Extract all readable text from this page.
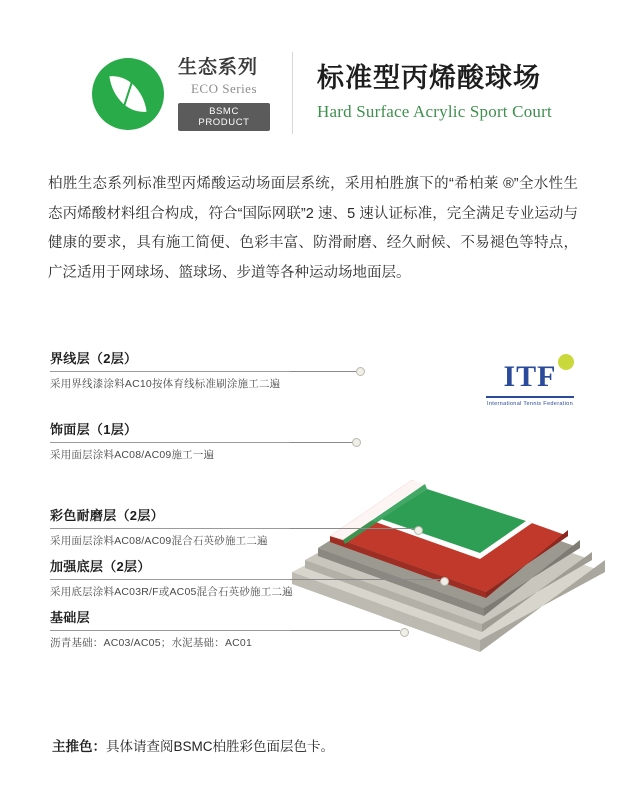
生态系列
ECO Series
BSMC PRODUCT
标准型丙烯酸球场
Hard Surface Acrylic Sport Court
柏胜生态系列标准型丙烯酸运动场面层系统，采用柏胜旗下的“希柏莱 ®”全水性生态丙烯酸材料组合构成，符合“国际网联”2 速、5 速认证标准，完全满足专业运动与健康的要求，具有施工简便、色彩丰富、防滑耐磨、经久耐候、不易褪色等特点，广泛适用于网球场、篮球场、步道等各种运动场地面层。
ITF
International Tennis Federation
界线层（2层）
采用界线漆涂料AC10按体育线标准刷涂施工二遍
饰面层（1层）
采用面层涂料AC08/AC09施工一遍
彩色耐磨层（2层）
采用面层涂料AC08/AC09混合石英砂施工二遍
加强底层（2层）
采用底层涂料AC03R/F或AC05混合石英砂施工二遍
基础层
沥青基础：AC03/AC05；水泥基础：AC01
主推色：具体请查阅BSMC柏胜彩色面层色卡。
